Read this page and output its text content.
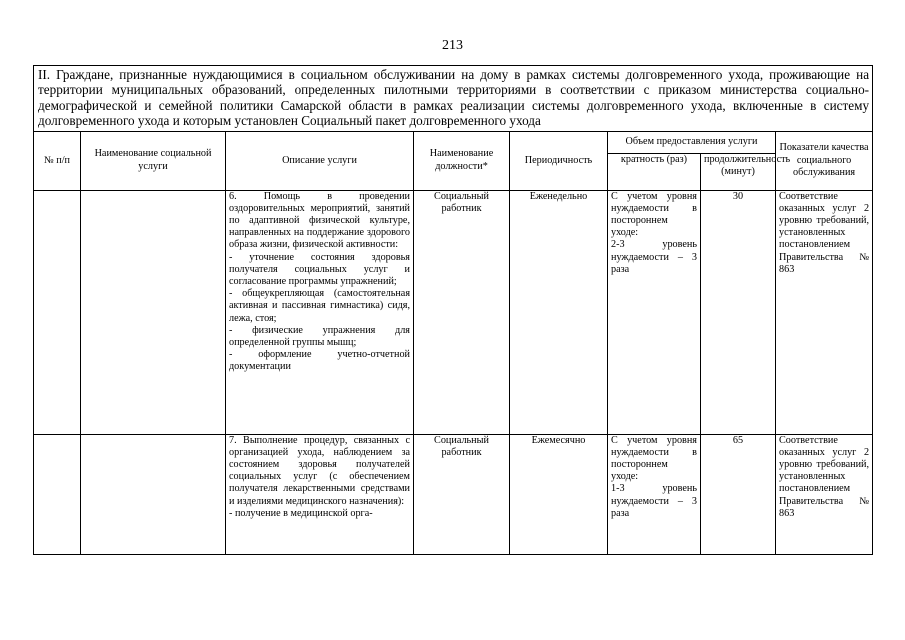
213
II. Граждане, признанные нуждающимися в социальном обслуживании на дому в рамках системы долговременного ухода, проживающие на территории муниципальных образований, определенных пилотными территориями в соответствии с приказом министерства социально-демографической и семейной политики Самарской области в рамках реализации системы долговременного ухода, включенные в систему долговременного ухода и которым установлен Социальный пакет долговременного ухода							
№ п/п	Наименование социальной услуги	Описание услуги	Наименование должности*	Периодичность	Объем предоставления услуги		Показатели качества социального обслуживания
					кратность (раз)	продолжительность (минут)	

		6. Помощь в проведении оздоровительных мероприятий, занятий по адаптивной физической культуре, направленных на поддержание здорового образа жизни, физической активности:
- уточнение состояния здоровья получателя социальных услуг и согласование программы упражнений;
- общеукрепляющая (самостоятельная активная и пассивная гимнастика) сидя, лежа, стоя;
- физические упражнения для определенной группы мышц;
- оформление учетно-отчетной документации	Социальный работник	Еженедельно	С учетом уровня нуждаемости в постороннем уходе:
2-3 уровень нуждаемости – 3 раза	30	Соответствие оказанных услуг 2 уровню требований, установленных постановлением Правительства № 863

		7. Выполнение процедур, связанных с организацией ухода, наблюдением за состоянием здоровья получателей социальных услуг (с обеспечением получателя лекарственными средствами и изделиями медицинского назначения):
- получение в медицинской орга-	Социальный работник	Ежемесячно	С учетом уровня нуждаемости в постороннем уходе:
1-3 уровень нуждаемости – 3 раза	65	Соответствие оказанных услуг 2 уровню требований, установленных постановлением Правительства № 863
